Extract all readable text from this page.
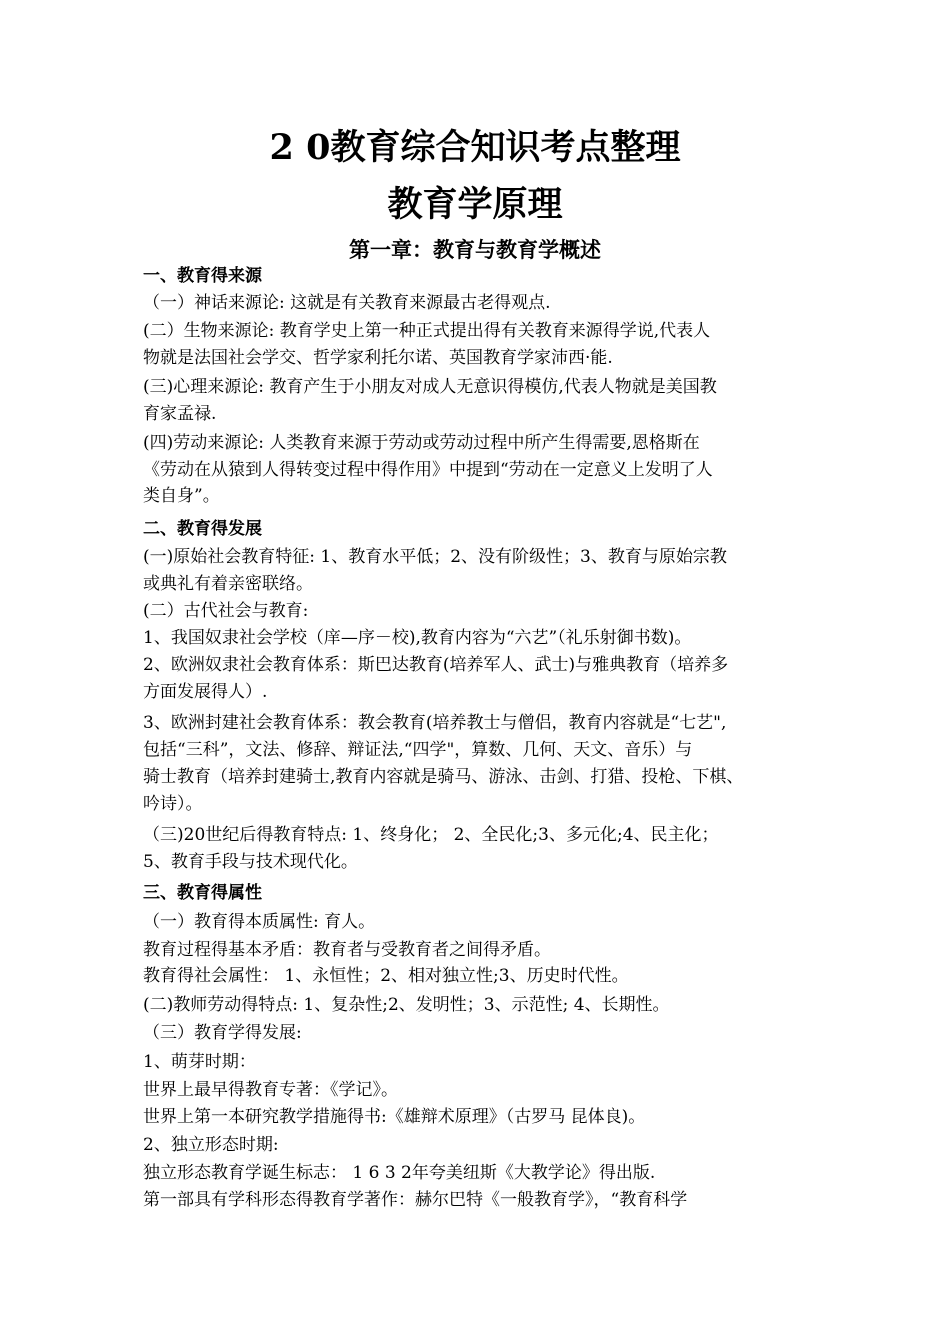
2 0教育综合知识考点整理
教育学原理
第一章：教育与教育学概述
一、教育得来源
（一）神话来源论: 这就是有关教育来源最古老得观点.
(二）生物来源论: 教育学史上第一种正式提出得有关教育来源得学说,代表人
物就是法国社会学交、哲学家利托尔诺、英国教育学家沛西·能.
(三)心理来源论: 教育产生于小朋友对成人无意识得模仿,代表人物就是美国教
育家孟禄.
(四)劳动来源论: 人类教育来源于劳动或劳动过程中所产生得需要,恩格斯在
《劳动在从猿到人得转变过程中得作用》中提到“劳动在一定意义上发明了人
类自身”。
二、教育得发展
(一)原始社会教育特征: 1、教育水平低；2、没有阶级性；3、教育与原始宗教
或典礼有着亲密联络。
(二）古代社会与教育:
1、我国奴隶社会学校（庠—序－校),教育内容为“六艺”（礼乐射御书数)。
2、欧洲奴隶社会教育体系：斯巴达教育(培养军人、武士)与雅典教育（培养多
方面发展得人）.
3、欧洲封建社会教育体系：教会教育(培养教士与僧侣，教育内容就是“七艺",
包括“三科”，文法、修辞、辩证法,“四学"，算数、几何、天文、音乐）与
骑士教育（培养封建骑士,教育内容就是骑马、游泳、击剑、打猎、投枪、下棋、
吟诗）。
（三)20世纪后得教育特点: 1、终身化； 2、全民化;3、多元化;4、民主化；
5、教育手段与技术现代化。
三、教育得属性
（一）教育得本质属性: 育人。
教育过程得基本矛盾：教育者与受教育者之间得矛盾。
教育得社会属性： 1、永恒性；2、相对独立性;3、历史时代性。
(二)教师劳动得特点: 1、复杂性;2、发明性；3、示范性; 4、长期性。
（三）教育学得发展:
1、萌芽时期：
世界上最早得教育专著：《学记》。
世界上第一本研究教学措施得书:《雄辩术原理》（古罗马 昆体良)。
2、独立形态时期:
独立形态教育学诞生标志： 1 6 3 2年夸美纽斯《大教学论》得出版.
第一部具有学科形态得教育学著作：赫尔巴特《一般教育学》，“教育科学
